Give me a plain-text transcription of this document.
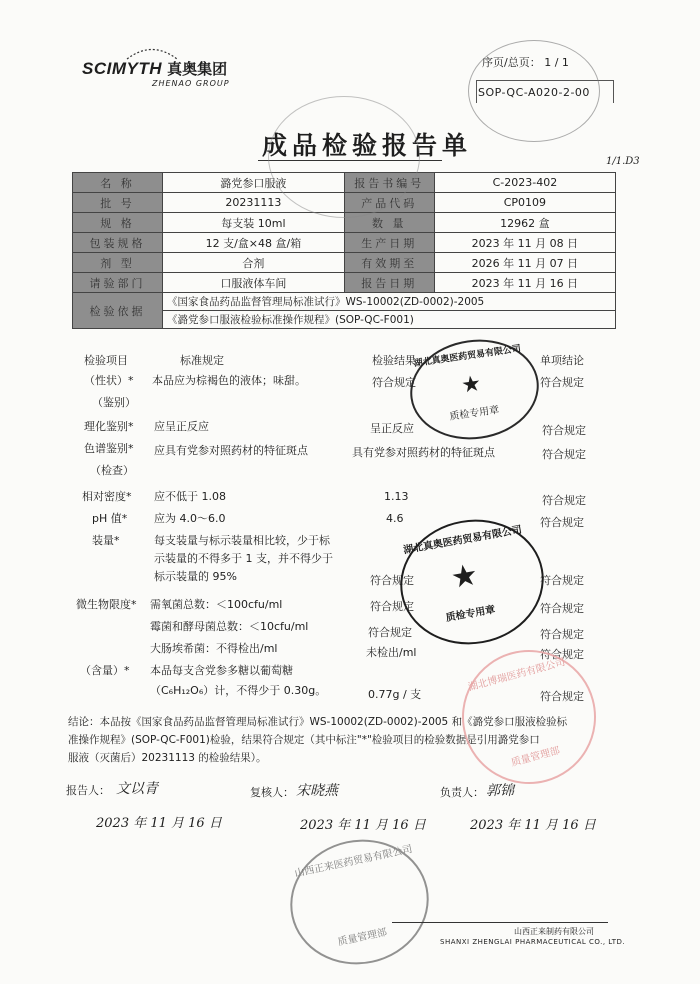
SCIMYTH 真奥集团
ZHENAO GROUP
序页/总页： 1 / 1
SOP-QC-A020-2-00
成品检验报告单
1/1.D3
名 称	潞党参口服液	报告书编号	C-2023-402
批 号	20231113	产品代码	CP0109
规 格	每支装 10ml	数 量	12962 盒
包装规格	12 支/盒×48 盒/箱	生产日期	2023 年 11 月 08 日
剂 型	合剂	有效期至	2026 年 11 月 07 日
请验部门	口服液体车间	报告日期	2023 年 11 月 16 日
检验依据	《国家食品药品监督管理局标准试行》WS-10002(ZD-0002)-2005		
	《潞党参口服液检验标准操作规程》(SOP-QC-F001)		
检验项目	标准规定	检验结果	单项结论
（性状）* 本品应为棕褐色的液体；味甜。	符合规定	符合规定
（鉴别）
理化鉴别* 应呈正反应	呈正反应	符合规定
色谱鉴别* 应具有党参对照药材的特征斑点	具有党参对照药材的特征斑点	符合规定
（检查）
相对密度* 应不低于 1.08	1.13	符合规定
pH 值* 应为 4.0～6.0	4.6	符合规定
装量*	每支装量与标示装量相比较，少于标
示装量的不得多于 1 支，并不得少于
标示装量的 95%	符合规定	符合规定
微生物限度* 需氧菌总数：＜100cfu/ml	符合规定	符合规定
霉菌和酵母菌总数：＜10cfu/ml	符合规定	符合规定
大肠埃希菌：不得检出/ml	未检出/ml	符合规定
（含量）* 本品每支含党参多糖以葡萄糖
（C₆H₁₂O₆）计，不得少于 0.30g。	0.77g / 支	符合规定
结论：本品按《国家食品药品监督管理局标准试行》WS-10002(ZD-0002)-2005 和《潞党参口服液检验标
准操作规程》(SOP-QC-F001)检验，结果符合规定（其中标注"*"检验项目的检验数据是引用潞党参口
服液（灭菌后）20231113 的检验结果）。
报告人： 文以青	复核人： 宋晓燕	负责人： 郭锦
2023 年 11 月 16 日	2023 年 11 月 16 日	2023 年 11 月 16 日
湖北真奥医药贸易有限公司
★
质检专用章
湖北真奥医药贸易有限公司
★
质检专用章
湖北博瑞医药有限公司
质量管理部
山西正来医药贸易有限公司
质量管理部	山西正来制药有限公司
SHANXI ZHENGLAI PHARMACEUTICAL CO., LTD.
